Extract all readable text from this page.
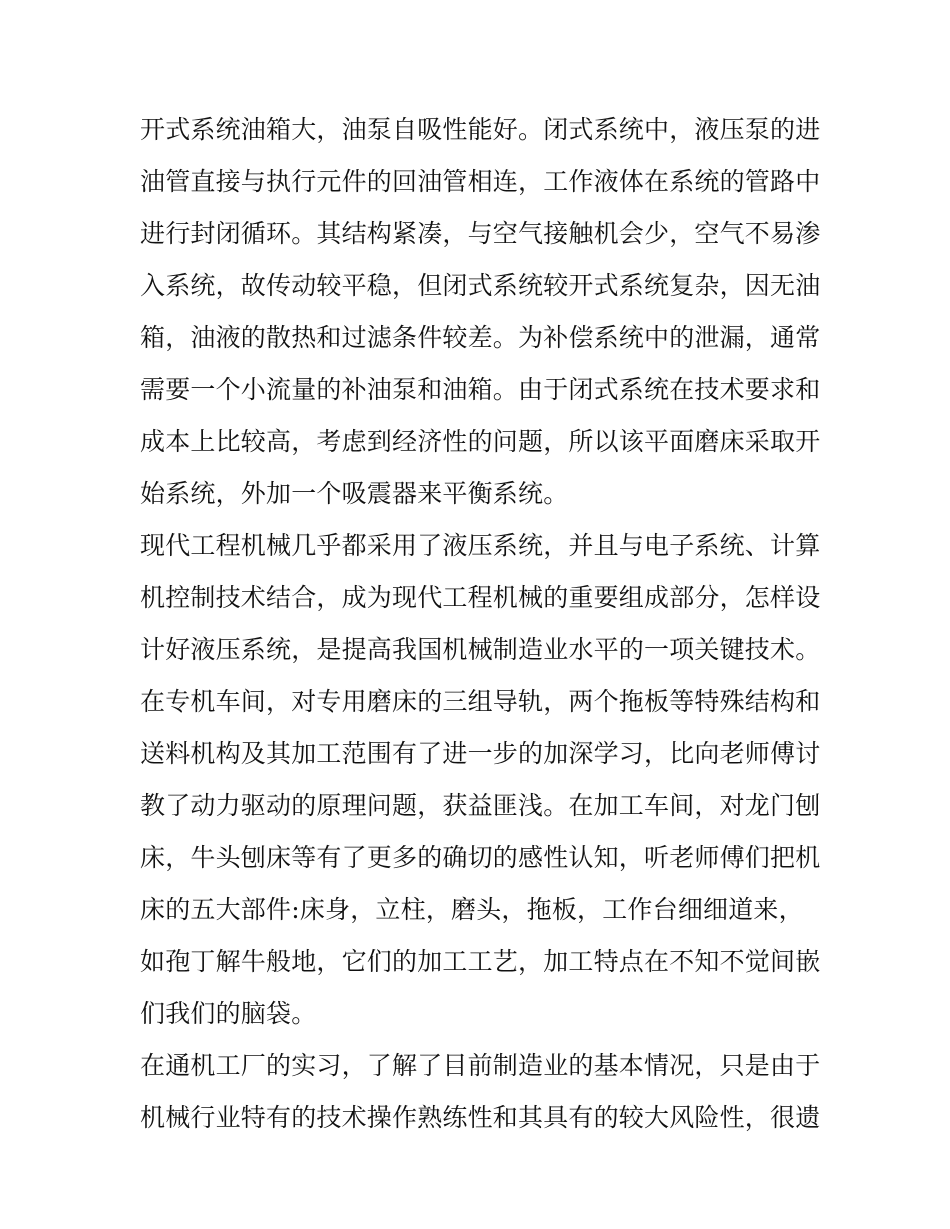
开式系统油箱大，油泵自吸性能好。闭式系统中，液压泵的进
油管直接与执行元件的回油管相连，工作液体在系统的管路中
进行封闭循环。其结构紧凑，与空气接触机会少，空气不易渗
入系统，故传动较平稳，但闭式系统较开式系统复杂，因无油
箱，油液的散热和过滤条件较差。为补偿系统中的泄漏，通常
需要一个小流量的补油泵和油箱。由于闭式系统在技术要求和
成本上比较高，考虑到经济性的问题，所以该平面磨床采取开
始系统，外加一个吸震器来平衡系统。
现代工程机械几乎都采用了液压系统，并且与电子系统、计算
机控制技术结合，成为现代工程机械的重要组成部分，怎样设
计好液压系统，是提高我国机械制造业水平的一项关键技术。
在专机车间，对专用磨床的三组导轨，两个拖板等特殊结构和
送料机构及其加工范围有了进一步的加深学习，比向老师傅讨
教了动力驱动的原理问题，获益匪浅。在加工车间，对龙门刨
床，牛头刨床等有了更多的确切的感性认知，听老师傅们把机
床的五大部件:床身，立柱，磨头，拖板，工作台细细道来，
如孢丁解牛般地，它们的加工工艺，加工特点在不知不觉间嵌
们我们的脑袋。
在通机工厂的实习，了解了目前制造业的基本情况，只是由于
机械行业特有的技术操作熟练性和其具有的较大风险性，很遗
